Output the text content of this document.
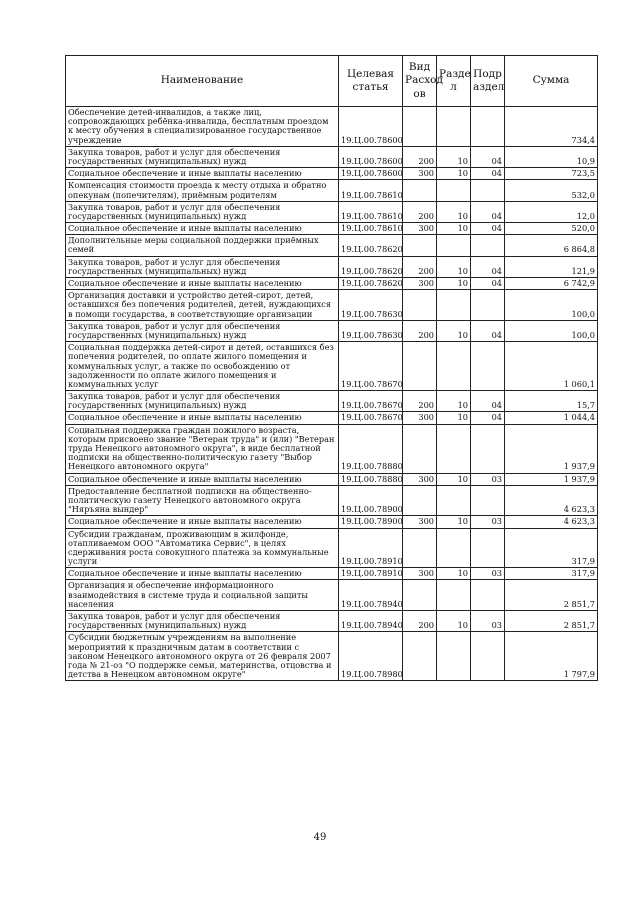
Наименование	Целевая статья	Вид Расход ов	Разде л	Подр аздел	Сумма
Обеспечение детей-инвалидов, а также лиц, сопровождающих ребёнка-инвалида, бесплатным проездом к месту обучения в специализированное государственное учреждение	19.Ц.00.78600				734,4
Закупка товаров, работ и услуг для обеспечения государственных (муниципальных) нужд	19.Ц.00.78600	200	10	04	10,9
Социальное обеспечение и иные выплаты населению	19.Ц.00.78600	300	10	04	723,5
Компенсация стоимости проезда к месту отдыха и обратно опекунам (попечителям), приёмным родителям	19.Ц.00.78610				532,0
Закупка товаров, работ и услуг для обеспечения государственных (муниципальных) нужд	19.Ц.00.78610	200	10	04	12,0
Социальное обеспечение и иные выплаты населению	19.Ц.00.78610	300	10	04	520,0
Дополнительные меры социальной поддержки приёмных семей	19.Ц.00.78620				6 864,8
Закупка товаров, работ и услуг для обеспечения государственных (муниципальных) нужд	19.Ц.00.78620	200	10	04	121,9
Социальное обеспечение и иные выплаты населению	19.Ц.00.78620	300	10	04	6 742,9
Организация доставки и устройство детей-сирот, детей, оставшихся без попечения родителей, детей, нуждающихся в помощи государства, в соответствующие организации	19.Ц.00.78630				100,0
Закупка товаров, работ и услуг для обеспечения государственных (муниципальных) нужд	19.Ц.00.78630	200	10	04	100,0
Социальная поддержка детей-сирот и детей, оставшихся без попечения родителей, по оплате жилого помещения и коммунальных услуг, а также по освобождению от задолженности по оплате жилого помещения и коммунальных услуг	19.Ц.00.78670				1 060,1
Закупка товаров, работ и услуг для обеспечения государственных (муниципальных) нужд	19.Ц.00.78670	200	10	04	15,7
Социальное обеспечение и иные выплаты населению	19.Ц.00.78670	300	10	04	1 044,4
Социальная поддержка граждан пожилого возраста, которым присвоено звание "Ветеран труда" и (или) "Ветеран труда Ненецкого автономного округа", в виде бесплатной подписки на общественно-политическую газету "Выбор Ненецкого автономного округа"	19.Ц.00.78880				1 937,9
Социальное обеспечение и иные выплаты населению	19.Ц.00.78880	300	10	03	1 937,9
Предоставление бесплатной подписки на общественно-политическую газету Ненецкого автономного округа "Няръяна вындер"	19.Ц.00.78900				4 623,3
Социальное обеспечение и иные выплаты населению	19.Ц.00.78900	300	10	03	4 623,3
Субсидии гражданам, проживающим в жилфонде, отапливаемом ООО "Автоматика Сервис", в целях сдерживания роста совокупного платежа за коммунальные услуги	19.Ц.00.78910				317,9
Социальное обеспечение и иные выплаты населению	19.Ц.00.78910	300	10	03	317,9
Организация и обеспечение информационного взаимодействия в системе труда и социальной защиты населения	19.Ц.00.78940				2 851,7
Закупка товаров, работ и услуг для обеспечения государственных (муниципальных) нужд	19.Ц.00.78940	200	10	03	2 851,7
Субсидии бюджетным учреждениям на выполнение мероприятий к праздничным датам в соответствии с законом Ненецкого автономного округа от 26 февраля 2007 года № 21-оз "О поддержке семьи, материнства, отцовства и детства в Ненецком автономном округе"	19.Ц.00.78980				1 797,9
49
